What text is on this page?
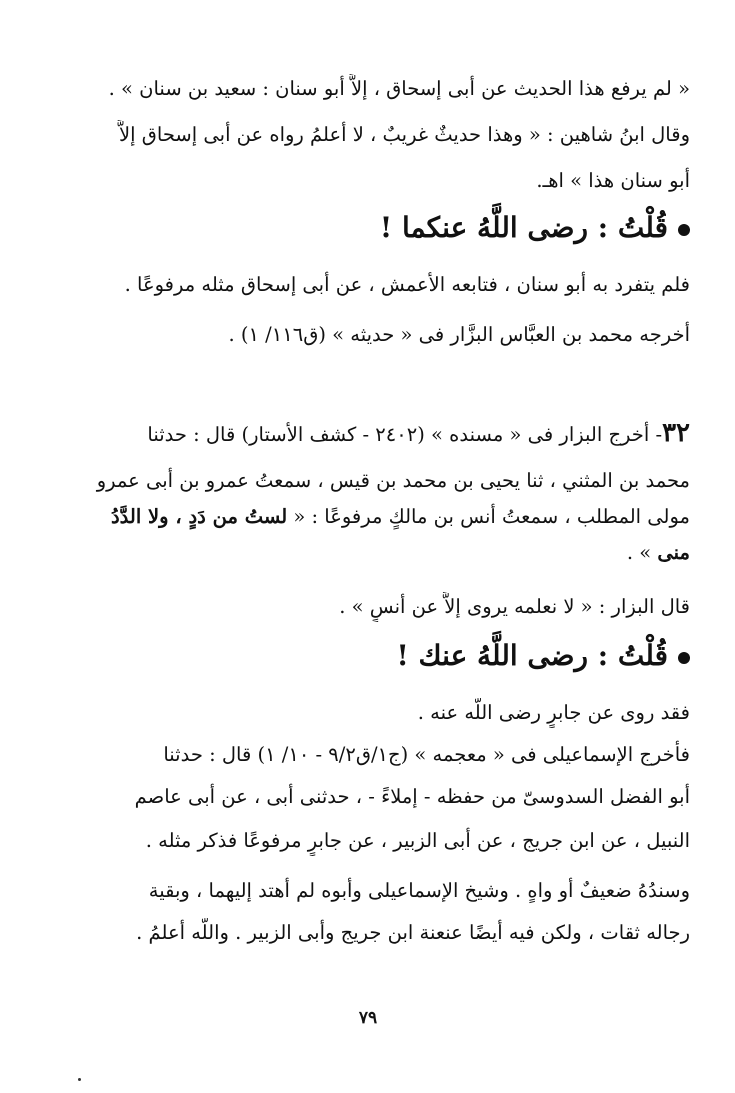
« لم يرفع هذا الحديث عن أبى إسحاق ، إلاَّ أبو سنان : سعيد بن سنان » .
وقال ابنُ شاهين : « وهذا حديثٌ غريبٌ ، لا أعلمُ رواه عن أبى إسحاق إلاَّ
أبو سنان هذا » اهـ.
قُلْتُ : رضى اللَّهُ عنكما !
فلم يتفرد به أبو سنان ، فتابعه الأعمش ، عن أبى إسحاق مثله مرفوعًا .
أخرجه محمد بن العبَّاس البزَّار فى « حديثه » (ق١١٦/ ١) .
٣٢- أخرج البزار فى « مسنده » (٢٤٠٢ - كشف الأستار) قال : حدثنا
محمد بن المثني ، ثنا يحيى بن محمد بن قيس ، سمعتُ عمرو بن أبى عمرو
مولى المطلب ، سمعتُ أنس بن مالكٍ مرفوعًا : « لستُ من دَدٍ ، ولا الدَّدُ
منى » .
قال البزار : « لا نعلمه يروى إلاَّ عن أنسٍ » .
قُلْتُ : رضى اللَّهُ عنك !
فقد روى عن جابرٍ رضى اللَّه عنه .
فأخرج الإسماعيلى فى « معجمه » (ج١/ق٩/٢ - ١٠/ ١) قال : حدثنا
أبو الفضل السدوسىّ من حفظه - إملاءً - ، حدثنى أبى ، عن أبى عاصم
النبيل ، عن ابن جريج ، عن أبى الزبير ، عن جابرٍ مرفوعًا فذكر مثله .
وسندُهُ ضعيفٌ أو واهٍ . وشيخ الإسماعيلى وأبوه لم أهتد إليهما ، وبقية
رجاله ثقات ، ولكن فيه أيضًا عنعنة ابن جريج وأبى الزبير . واللَّه أعلمُ .
٧٩
